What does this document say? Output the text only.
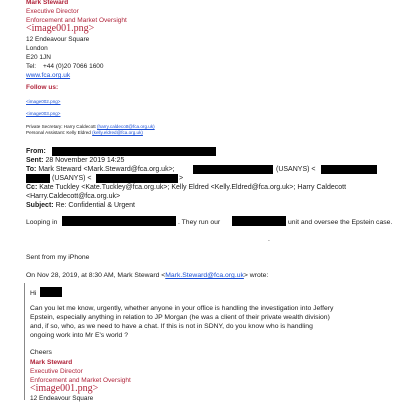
Mark Steward
Executive Director
Enforcement and Market Oversight
<image001.png>
12 Endeavour Square
London
E20 1JN
Tel: +44 (0)20 7066 1600
www.fca.org.uk
Follow us:
<image002.png>
<image003.png>
Private Secretary: Harry Caldecott (harry.caldecott@fca.org.uk)
Personal Assistant: Kelly Eldred (kelly.eldred@fca.org.uk)
From:
Sent: 28 November 2019 14:25
To: Mark Steward <Mark.Steward@fca.org.uk>;	(USANYS) <
(USANYS) <	>
Cc: Kate Tuckley <Kate.Tuckley@fca.org.uk>; Kelly Eldred <Kelly.Eldred@fca.org.uk>; Harry Caldecott
<Harry.Caldecott@fca.org.uk>
Subject: Re: Confidential & Urgent
Looping in	. They run our	unit and oversee the Epstein case.
.
Sent from my iPhone
On Nov 28, 2019, at 8:30 AM, Mark Steward <Mark.Steward@fca.org.uk> wrote:
Hi
Can you let me know, urgently, whether anyone in your office is handling the investigation into Jeffery
Epstein, especially anything in relation to JP Morgan (he was a client of their private wealth division)
and, if so, who, as we need to have a chat. If this is not in SDNY, do you know who is handling
ongoing work into Mr E's world ?
Cheers
Mark Steward
Executive Director
Enforcement and Market Oversight
<image001.png>
12 Endeavour Square
